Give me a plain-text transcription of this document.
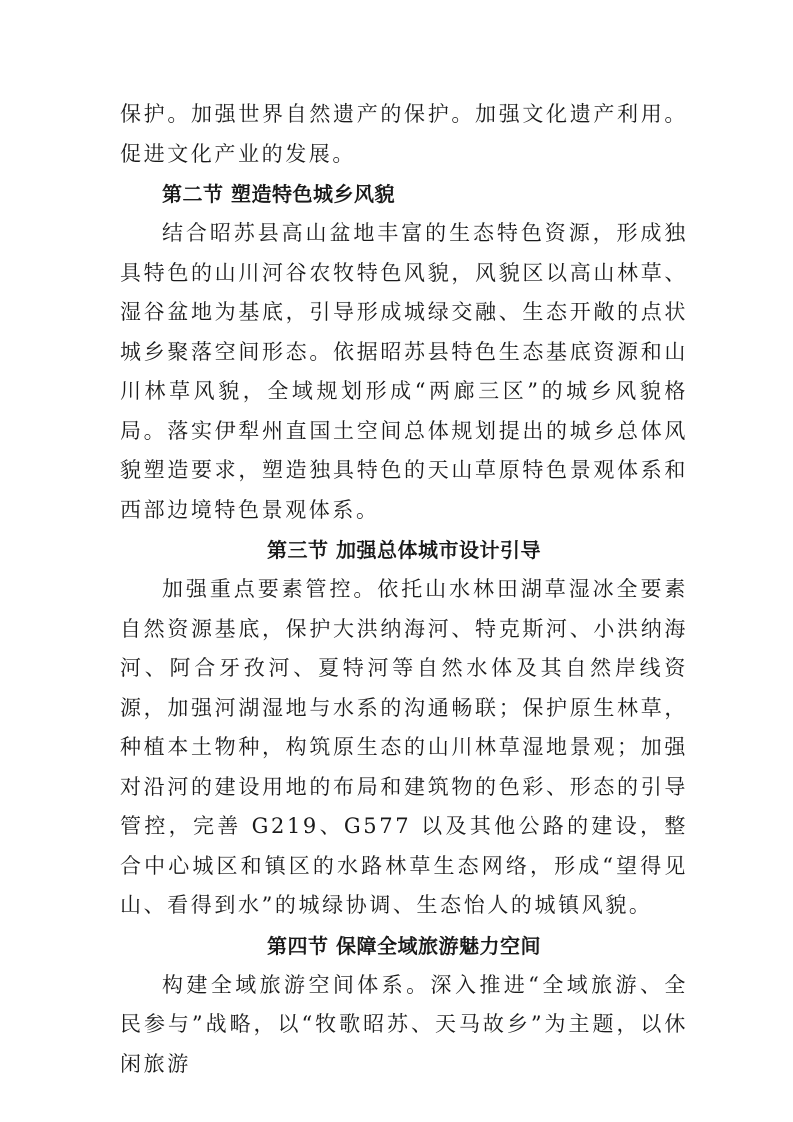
保护。加强世界自然遗产的保护。加强文化遗产利用。促进文化产业的发展。

第二节 塑造特色城乡风貌

结合昭苏县高山盆地丰富的生态特色资源，形成独具特色的山川河谷农牧特色风貌，风貌区以高山林草、湿谷盆地为基底，引导形成城绿交融、生态开敞的点状城乡聚落空间形态。依据昭苏县特色生态基底资源和山川林草风貌，全域规划形成“两廊三区”的城乡风貌格局。落实伊犁州直国土空间总体规划提出的城乡总体风貌塑造要求，塑造独具特色的天山草原特色景观体系和西部边境特色景观体系。

第三节 加强总体城市设计引导

加强重点要素管控。依托山水林田湖草湿冰全要素自然资源基底，保护大洪纳海河、特克斯河、小洪纳海河、阿合牙孜河、夏特河等自然水体及其自然岸线资源，加强河湖湿地与水系的沟通畅联；保护原生林草，种植本土物种，构筑原生态的山川林草湿地景观；加强对沿河的建设用地的布局和建筑物的色彩、形态的引导管控，完善 G219、G577 以及其他公路的建设，整合中心城区和镇区的水路林草生态网络，形成“望得见山、看得到水”的城绿协调、生态怡人的城镇风貌。

第四节 保障全域旅游魅力空间

构建全域旅游空间体系。深入推进“全域旅游、全民参与”战略，以“牧歌昭苏、天马故乡”为主题，以休闲旅游
